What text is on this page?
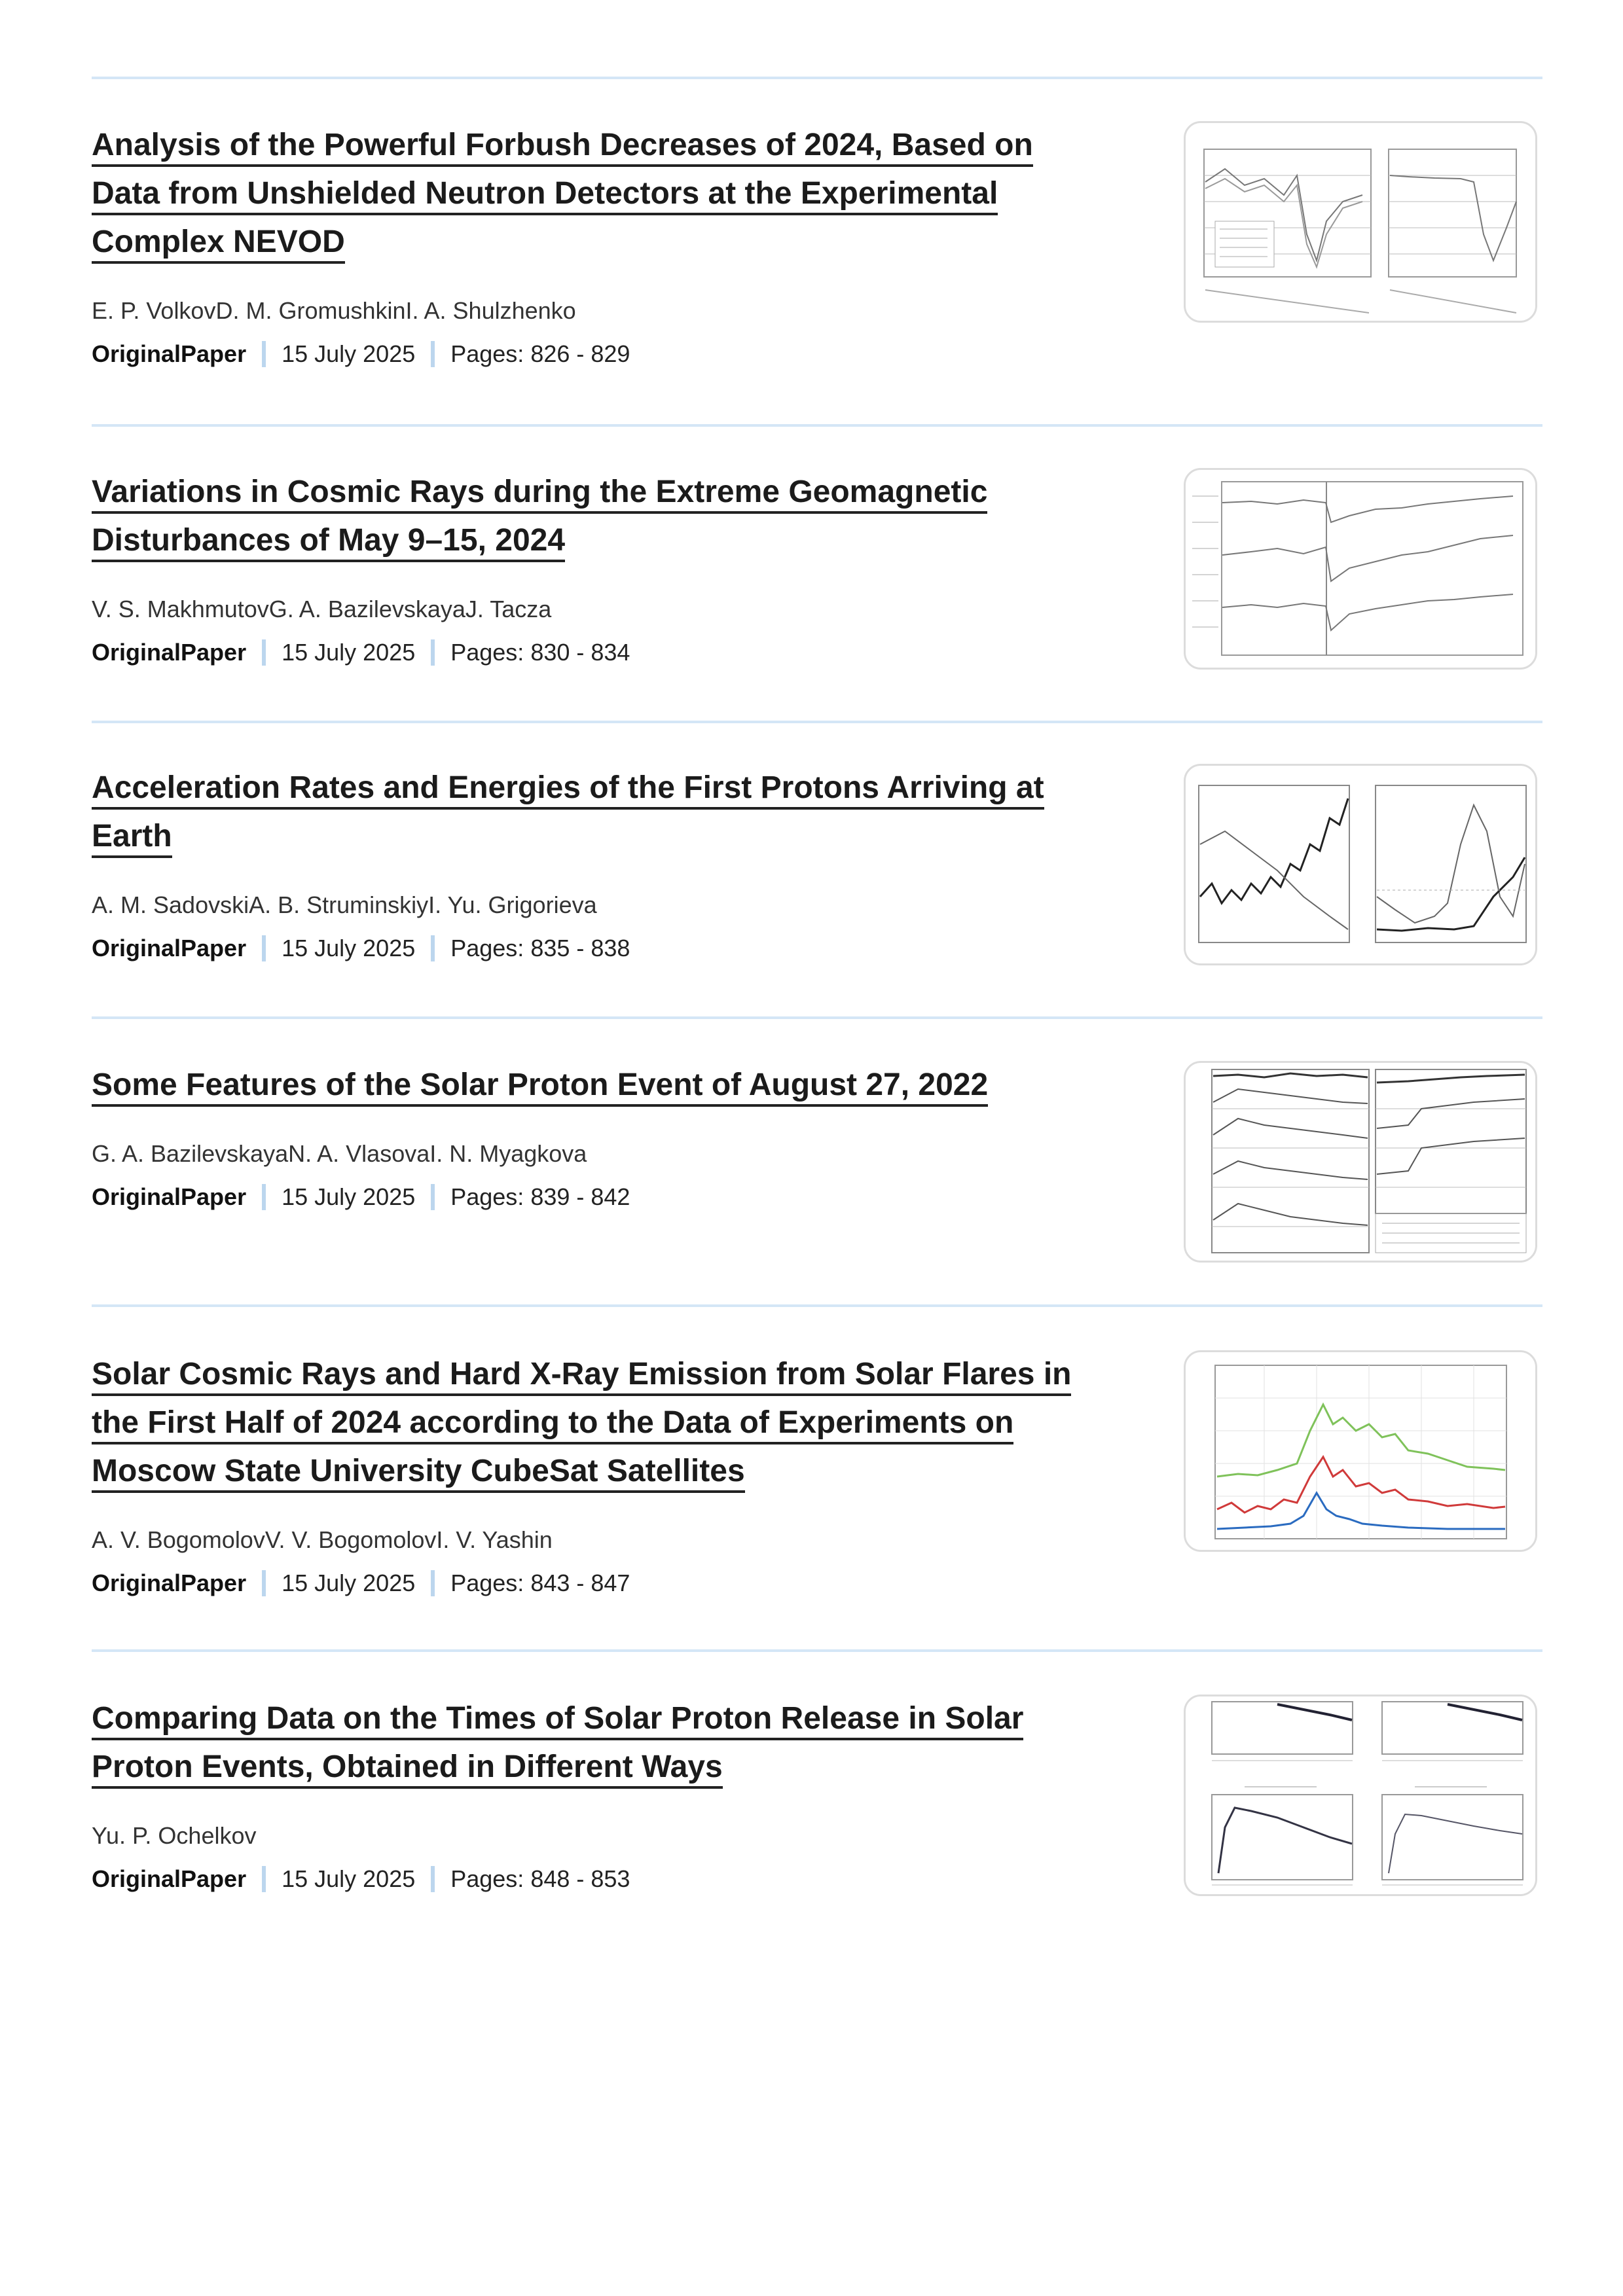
Analysis of the Powerful Forbush Decreases of 2024, Based on
Data from Unshielded Neutron Detectors at the Experimental
Complex NEVOD
E. P. VolkovD. M. GromushkinI. A. Shulzhenko
OriginalPaper 15 July 2025 Pages: 826 - 829
Variations in Cosmic Rays during the Extreme Geomagnetic
Disturbances of May 9–15, 2024
V. S. MakhmutovG. A. BazilevskayaJ. Tacza
OriginalPaper 15 July 2025 Pages: 830 - 834
Acceleration Rates and Energies of the First Protons Arriving at
Earth
A. M. SadovskiA. B. StruminskiyI. Yu. Grigorieva
OriginalPaper 15 July 2025 Pages: 835 - 838
Some Features of the Solar Proton Event of August 27, 2022
G. A. BazilevskayaN. A. VlasovaI. N. Myagkova
OriginalPaper 15 July 2025 Pages: 839 - 842
Solar Cosmic Rays and Hard X-Ray Emission from Solar Flares in
the First Half of 2024 according to the Data of Experiments on
Moscow State University CubeSat Satellites
A. V. BogomolovV. V. BogomolovI. V. Yashin
OriginalPaper 15 July 2025 Pages: 843 - 847
Comparing Data on the Times of Solar Proton Release in Solar
Proton Events, Obtained in Different Ways
Yu. P. Ochelkov
OriginalPaper 15 July 2025 Pages: 848 - 853
